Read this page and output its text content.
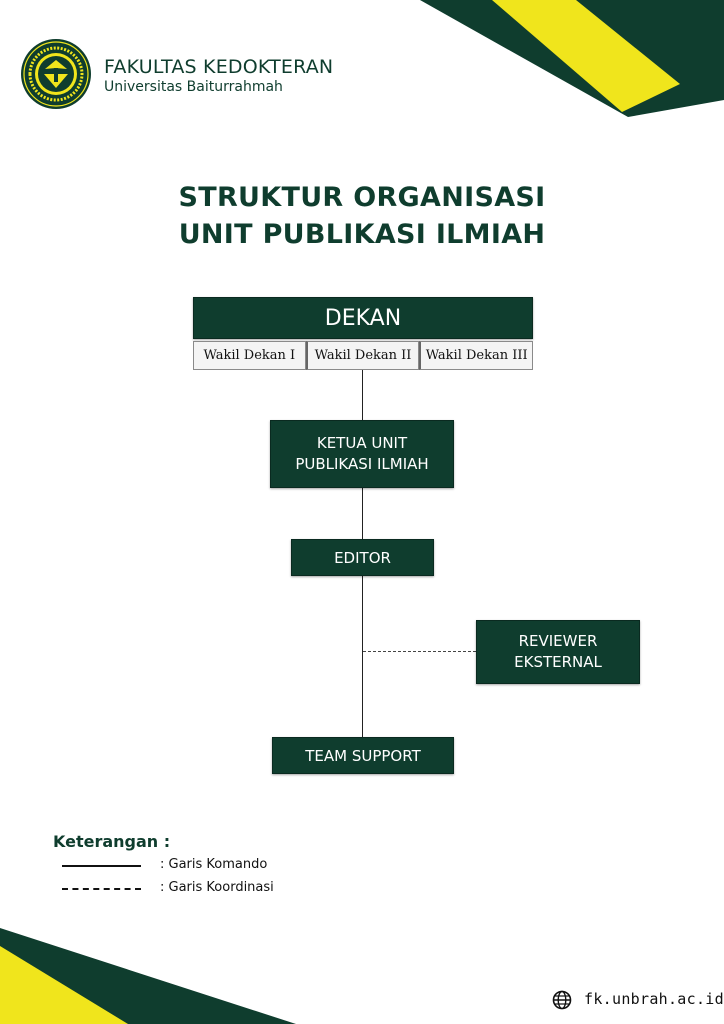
FAKULTAS KEDOKTERAN
Universitas Baiturrahmah
STRUKTUR ORGANISASI
UNIT PUBLIKASI ILMIAH
DEKAN
Wakil Dekan I	Wakil Dekan II	Wakil Dekan III
KETUA UNIT
PUBLIKASI ILMIAH
EDITOR
REVIEWER
EKSTERNAL
TEAM SUPPORT
Keterangan :
: Garis Komando
: Garis Koordinasi
fk.unbrah.ac.id
